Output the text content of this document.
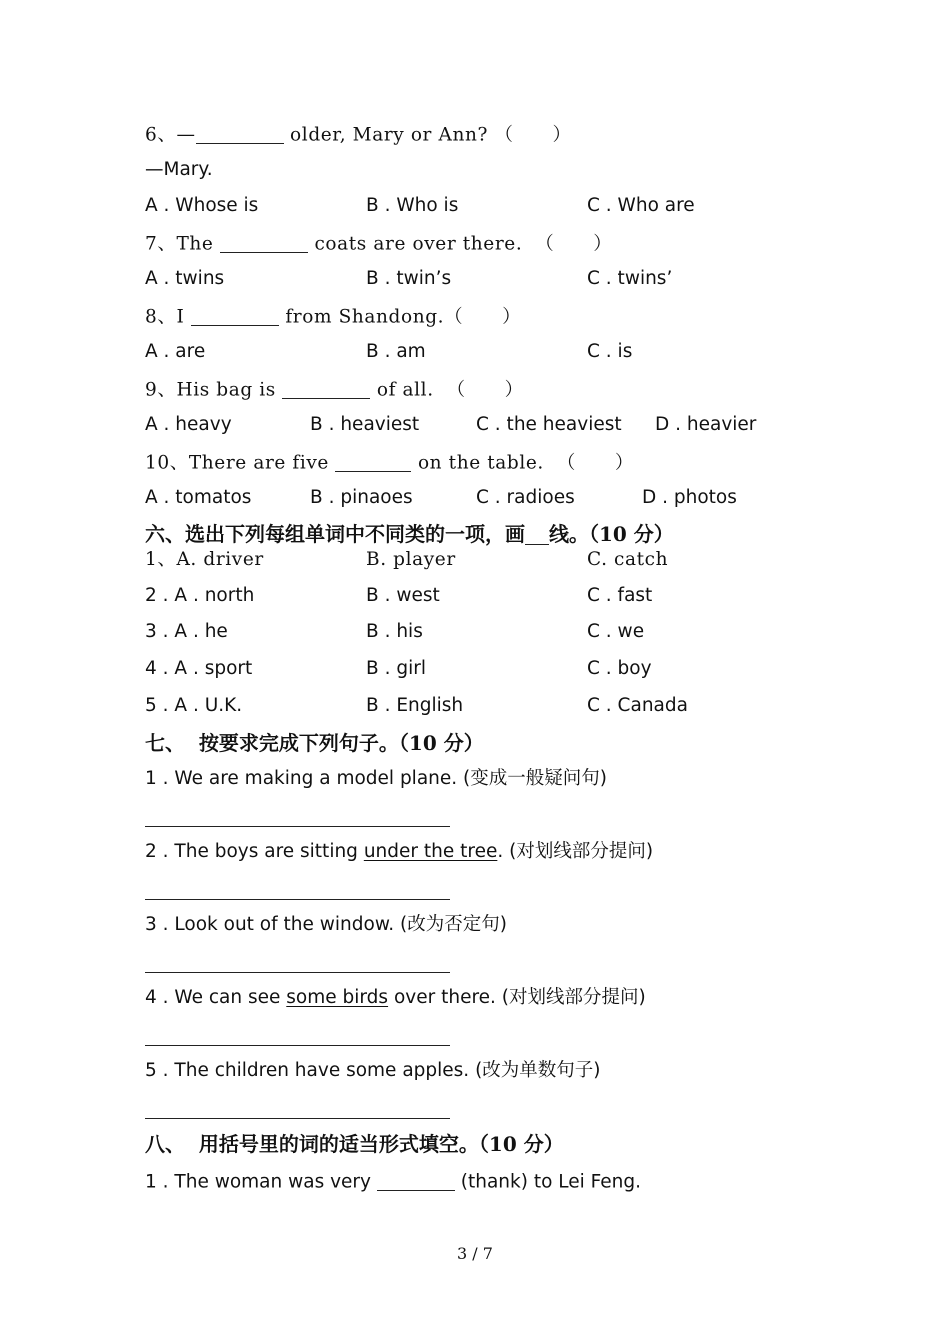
6、—	older, Mary or Ann? （      ）
—Mary.
A . Whose is	B . Who is	C . Who are
7、The	coats are over there.  （      ）
A . twins	B . twin’s	C . twins’
8、I	from Shandong.（      ）
A . are	B . am	C . is
9、His bag is	of all.  （      ）
A . heavy	B . heaviest	C . the heaviest D . heavier
10、There are five	on the table.  （      ）
A . tomatos	B . pinaoes	C . radioes	D . photos
六、选出下列每组单词中不同类的一项，画 线。（10 分）
1、A. driver	B. player	C. catch
2 . A . north	B . west	C . fast
3 . A . he	B . his	C . we
4 . A . sport	B . girl	C . boy
5 . A . U.K.	B . English	C . Canada
七、  按要求完成下列句子。（10 分）
1 . We are making a model plane. (变成一般疑问句)
2 . The boys are sitting under the tree. (对划线部分提问)
3 . Look out of the window. (改为否定句)
4 . We can see some birds over there. (对划线部分提问)
5 . The children have some apples. (改为单数句子)
八、  用括号里的词的适当形式填空。（10 分）
1 . The woman was very	(thank) to Lei Feng.
3 / 7
